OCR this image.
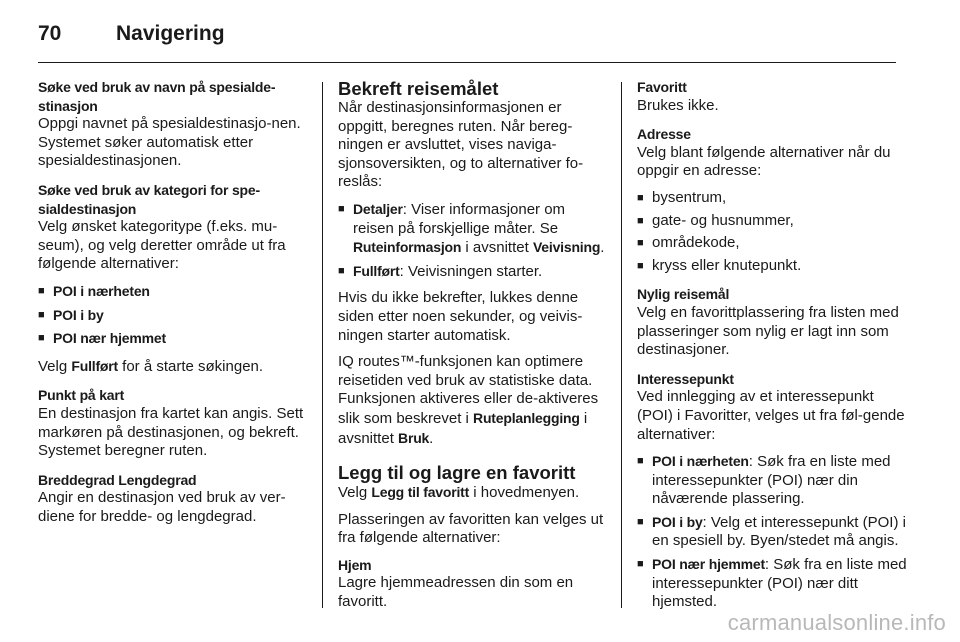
70	Navigering
Søke ved bruk av navn på spesialde-stinasjon

Oppgi navnet på spesialdestinasjo-nen. Systemet søker automatisk etter spesialdestinasjonen.

Søke ved bruk av kategori for spe-sialdestinasjon

Velg ønsket kategoritype (f.eks. mu-seum), og velg deretter område ut fra følgende alternativer:

■ POI i nærheten
■ POI i by
■ POI nær hjemmet

Velg Fullført for å starte søkingen.

Punkt på kart

En destinasjon fra kartet kan angis. Sett markøren på destinasjonen, og bekreft. Systemet beregner ruten.

Breddegrad Lengdegrad

Angir en destinasjon ved bruk av ver-diene for bredde- og lengdegrad.

Bekreft reisemålet

Når destinasjonsinformasjonen er oppgitt, beregnes ruten. Når bereg-ningen er avsluttet, vises naviga-sjonsoversikten, og to alternativer fo-reslås:

■ Detaljer: Viser informasjoner om reisen på forskjellige måter. Se Ruteinformasjon i avsnittet Veivisning.
■ Fullført: Veivisningen starter.

Hvis du ikke bekrefter, lukkes denne siden etter noen sekunder, og veivis-ningen starter automatisk.

IQ routes™-funksjonen kan optimere reisetiden ved bruk av statistiske data. Funksjonen aktiveres eller de-aktiveres slik som beskrevet i Ruteplanlegging i avsnittet Bruk.

Legg til og lagre en favoritt

Velg Legg til favoritt i hovedmenyen.

Plasseringen av favoritten kan velges ut fra følgende alternativer:

Hjem

Lagre hjemmeadressen din som en favoritt.

Favoritt

Brukes ikke.

Adresse

Velg blant følgende alternativer når du oppgir en adresse:

■ bysentrum,
■ gate- og husnummer,
■ områdekode,
■ kryss eller knutepunkt.
Nylig reisemål

Velg en favorittplassering fra listen med plasseringer som nylig er lagt inn som destinasjoner.

Interessepunkt

Ved innlegging av et interessepunkt (POI) i Favoritter, velges ut fra føl-gende alternativer:

■ POI i nærheten: Søk fra en liste med interessepunkter (POI) nær din nåværende plassering.
■ POI i by: Velg et interessepunkt (POI) i en spesiell by. Byen/stedet må angis.
■ POI nær hjemmet: Søk fra en liste med interessepunkter (POI) nær ditt hjemsted.
carmanualsonline.info
